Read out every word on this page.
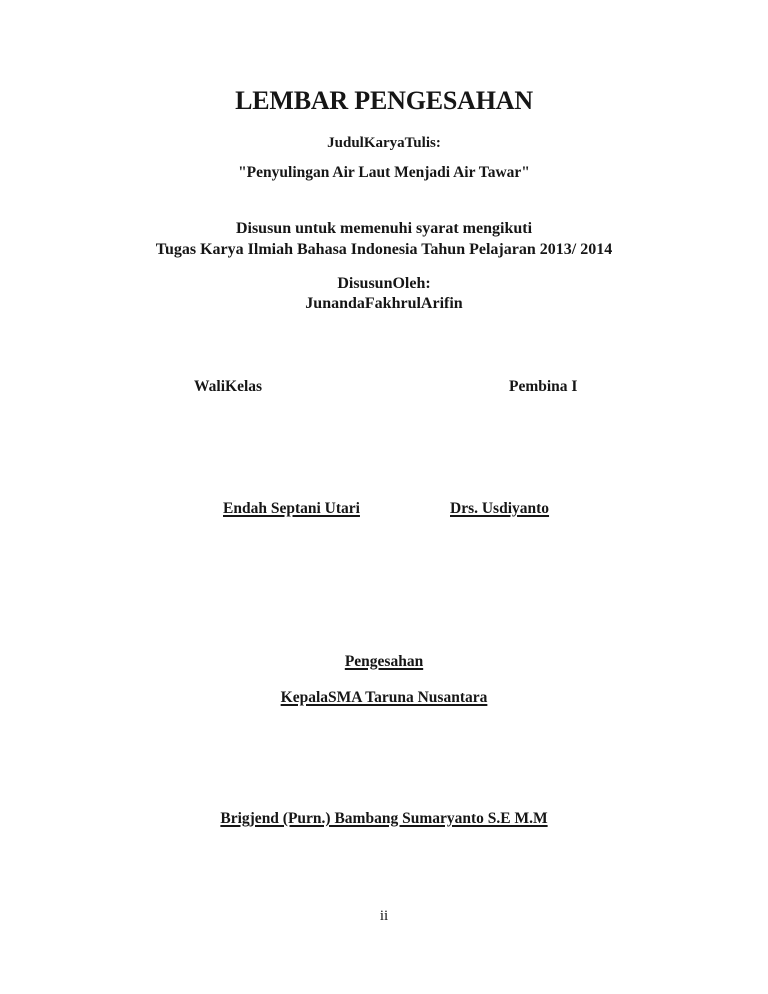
LEMBAR PENGESAHAN
JudulKaryaTulis:
"Penyulingan Air Laut Menjadi Air Tawar"
Disusun untuk memenuhi syarat mengikuti
Tugas Karya Ilmiah Bahasa Indonesia Tahun Pelajaran 2013/ 2014
DisusunOleh:
JunandaFakhrulArifin
WaliKelas	Pembina I
Endah Septani Utari	Drs. Usdiyanto
Pengesahan
KepalaSMA Taruna Nusantara
Brigjend (Purn.) Bambang Sumaryanto S.E M.M
ii
